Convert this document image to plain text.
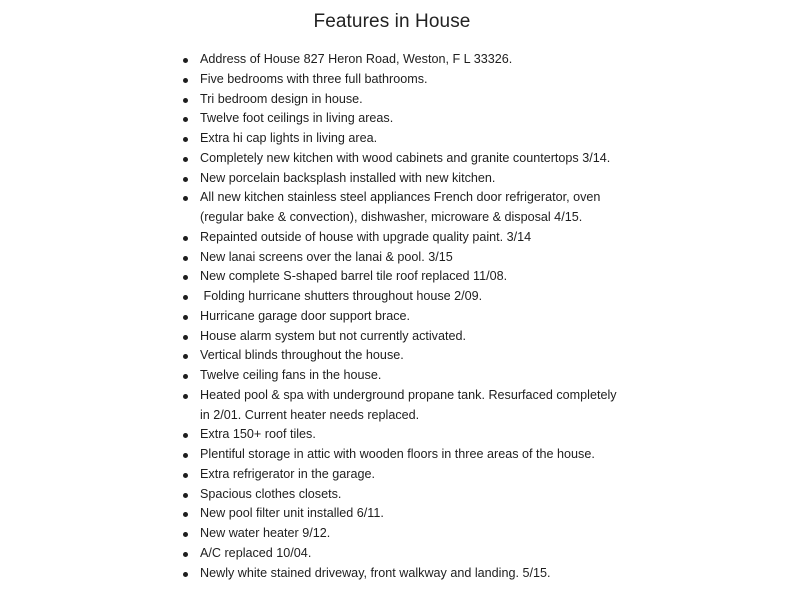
Features in House
Address of House 827 Heron Road, Weston, F L 33326.
Five bedrooms with three full bathrooms.
Tri bedroom design in house.
Twelve foot ceilings in living areas.
Extra hi cap lights in living area.
Completely new kitchen with wood cabinets and granite countertops 3/14.
New porcelain backsplash installed with new kitchen.
All new kitchen stainless steel appliances French door refrigerator, oven
(regular bake & convection), dishwasher, microware & disposal 4/15.
Repainted outside of house with upgrade quality paint. 3/14
New lanai screens over the lanai & pool. 3/15
New complete S-shaped barrel tile roof replaced 11/08.
Folding hurricane shutters throughout house 2/09.
Hurricane garage door support brace.
House alarm system but not currently activated.
Vertical blinds throughout the house.
Twelve ceiling fans in the house.
Heated pool & spa with underground propane tank. Resurfaced completely
in 2/01. Current heater needs replaced.
Extra 150+ roof tiles.
Plentiful storage in attic with wooden floors in three areas of the house.
Extra refrigerator in the garage.
Spacious clothes closets.
New pool filter unit installed 6/11.
New water heater 9/12.
A/C replaced 10/04.
Newly white stained driveway, front walkway and landing. 5/15.
